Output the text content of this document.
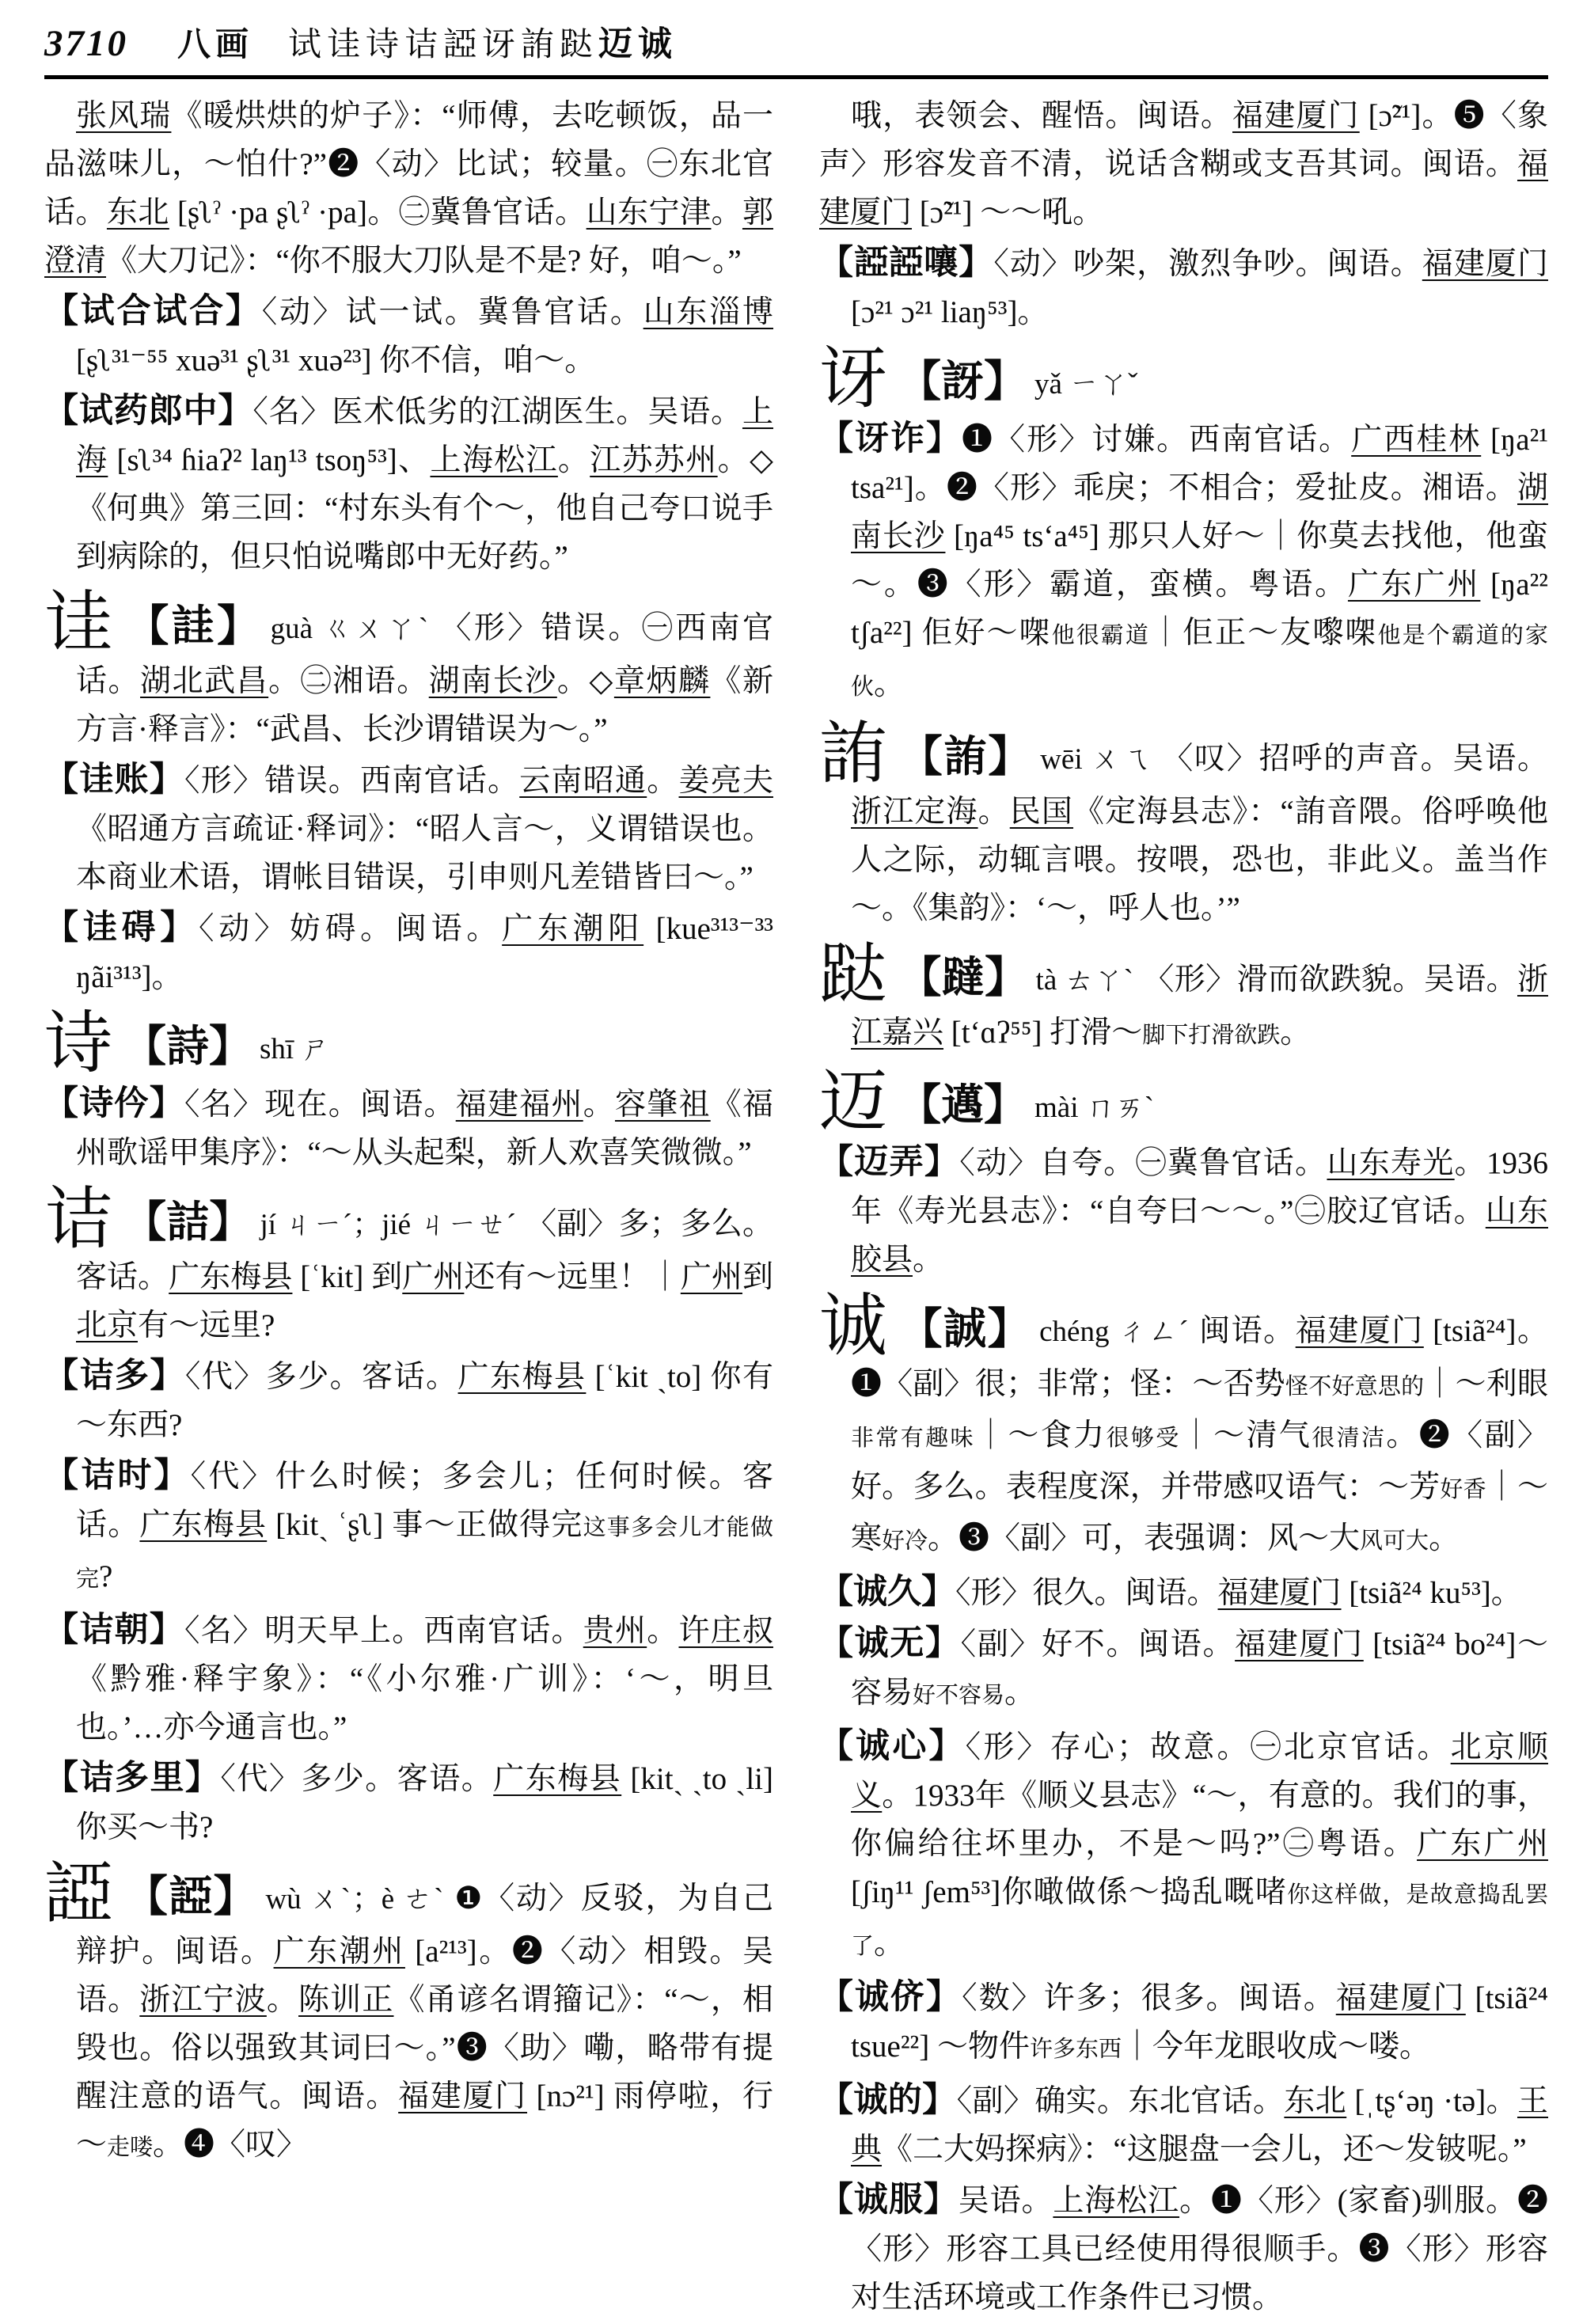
3710 八画 试诖诗诘䛩讶詴跶 迈诚

张风瑞《暖烘烘的炉子》：“师傅，去吃顿饭，品一品滋味儿，～怕什?”❷〈动〉比试；较量。㊀东北官话。东北 [ʂʅˀ ·pa ʂʅˀ ·pa]。㊁冀鲁官话。山东宁津。郭澄清《大刀记》：“你不服大刀队是不是? 好，咱～。”

【试合试合】〈动〉试一试。冀鲁官话。山东淄博 [ʂʅ³¹⁻⁵⁵ xuə³¹ ʂʅ³¹ xuə²³] 你不信，咱～。

【试药郎中】〈名〉医术低劣的江湖医生。吴语。上海 [sʅ³⁴ ɦiaʔ² laŋ¹³ tsoŋ⁵³]、上海松江。江苏苏州。◇《何典》第三回：“村东头有个～，他自己夸口说手到病除的，但只怕说嘴郎中无好药。”

诖 【詿】 guà ㄍㄨㄚˋ 〈形〉错误。㊀西南官话。湖北武昌。㊁湘语。湖南长沙。◇章炳麟《新方言·释言》：“武昌、长沙谓错误为～。”

【诖账】〈形〉错误。西南官话。云南昭通。姜亮夫《昭通方言疏证·释词》：“昭人言～，义谓错误也。本商业术语，谓帐目错误，引申则凡差错皆曰～。”

【诖碍】〈动〉妨碍。闽语。广东潮阳 [kue³¹³⁻³³ ŋãi³¹³]。

诗 【詩】 shī ㄕ

【诗仱】〈名〉现在。闽语。福建福州。容肇祖《福州歌谣甲集序》：“～从头起梨，新人欢喜笑微微。”

诘 【詰】 jí ㄐㄧˊ；jié ㄐㄧㄝˊ 〈副〉多；多么。客话。广东梅县 [ʿkit] 到广州还有～远里！｜广州到北京有～远里?

【诘多】〈代〉多少。客话。广东梅县 [ʿkit ˎto] 你有～东西?

【诘时】〈代〉什么时候；多会儿；任何时候。客话。广东梅县 [kitˎ ʿʂʅ] 事～正做得完这事多会儿才能做完?

【诘朝】〈名〉明天早上。西南官话。贵州。许庄叔《黔雅·释宇象》：“《小尔雅·广训》：‘～，明旦也。’…亦今通言也。”

【诘多里】〈代〉多少。客语。广东梅县 [kitˎ ˎto ˎli] 你买～书?

䛩 【䛩】 wù ㄨˋ；è ㄜˋ ❶〈动〉反驳，为自己辩护。闽语。广东潮州 [a²¹³]。❷〈动〉相毁。吴语。浙江宁波。陈训正《甬谚名谓籀记》：“～，相毁也。俗以强致其词曰～。”❸〈助〉嘞，略带有提醒注意的语气。闽语。福建厦门 [nɔ²¹] 雨停啦，行～走喽。❹〈叹〉

哦，表领会、醒悟。闽语。福建厦门 [ɔ̃²¹]。❺〈象声〉形容发音不清，说话含糊或支吾其词。闽语。福建厦门 [ɔ̃²¹] ～～吼。

【䛩䛩嚷】〈动〉吵架，激烈争吵。闽语。福建厦门 [ɔ²¹ ɔ²¹ liaŋ⁵³]。

讶 【訝】 yǎ ㄧㄚˇ

【讶诈】❶〈形〉讨嫌。西南官话。广西桂林 [ŋa²¹ tsa²¹]。❷〈形〉乖戾；不相合；爱扯皮。湘语。湖南长沙 [ŋa⁴⁵ tsʻa⁴⁵] 那只人好～｜你莫去找他，他蛮～。❸〈形〉霸道，蛮横。粤语。广东广州 [ŋa²² tʃa²²] 佢好～㗎他很霸道｜佢正～友嚟㗎他是个霸道的家伙。

詴 【詴】 wēi ㄨㄟ 〈叹〉招呼的声音。吴语。浙江定海。民国《定海县志》：“詴音隈。俗呼唤他人之际，动辄言喂。按喂，恐也，非此义。盖当作～。《集韵》：‘～，呼人也。’”

跶 【躂】 tà ㄊㄚˋ 〈形〉滑而欲跌貌。吴语。浙江嘉兴 [tʻɑʔ⁵⁵] 打滑～脚下打滑欲跌。

迈 【邁】 mài ㄇㄞˋ

【迈弄】〈动〉自夸。㊀冀鲁官话。山东寿光。1936年《寿光县志》：“自夸曰～～。”㊁胶辽官话。山东胶县。

诚 【誠】 chéng ㄔㄥˊ 闽语。福建厦门 [tsiã²⁴]。❶〈副〉很；非常；怪：～否势怪不好意思的｜～利眼非常有趣味｜～食力很够受｜～清气很清洁。❷〈副〉好。多么。表程度深，并带感叹语气：～芳好香｜～寒好冷。❸〈副〉可，表强调：风～大风可大。

【诚久】〈形〉很久。闽语。福建厦门 [tsiã²⁴ ku⁵³]。

【诚无】〈副〉好不。闽语。福建厦门 [tsiã²⁴ bo²⁴]～容易好不容易。

【诚心】〈形〉存心；故意。㊀北京官话。北京顺义。1933年《顺义县志》“～，有意的。我们的事，你偏给往坏里办，不是～吗?”㊁粤语。广东广州[ʃiŋ¹¹ ʃem⁵³]你噉做係～捣乱嘅啫你这样做，是故意捣乱罢了。

【诚侪】〈数〉许多；很多。闽语。福建厦门 [tsiã²⁴ tsue²²] ～物件许多东西｜今年龙眼收成～喽。

【诚的】〈副〉确实。东北官话。东北 [ˌtʂʻəŋ ·tə]。王典《二大妈探病》：“这腿盘一会儿，还～发铍呢。”

【诚服】吴语。上海松江。❶〈形〉(家畜)驯服。❷〈形〉形容工具已经使用得很顺手。❸〈形〉形容对生活环境或工作条件已习惯。
